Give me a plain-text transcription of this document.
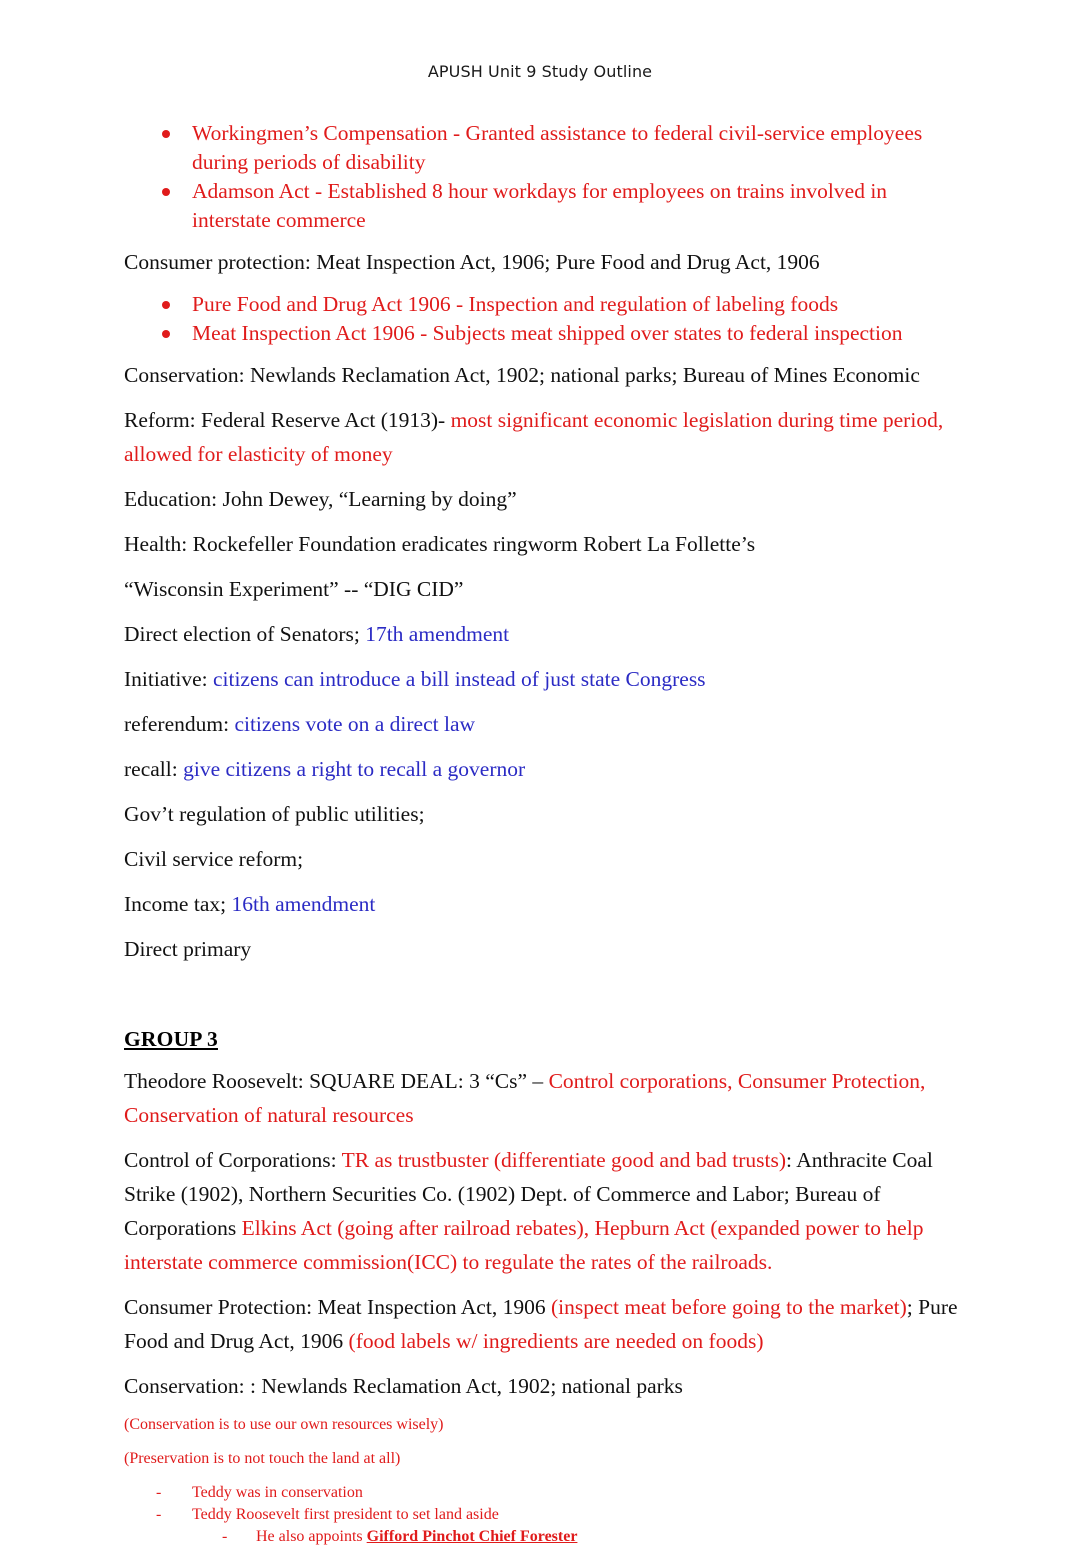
APUSH Unit 9 Study Outline
Workingmen’s Compensation - Granted assistance to federal civil-service employees during periods of disability
Adamson Act - Established 8 hour workdays for employees on trains involved in interstate commerce

Consumer protection: Meat Inspection Act, 1906; Pure Food and Drug Act, 1906

Pure Food and Drug Act 1906 - Inspection and regulation of labeling foods
Meat Inspection Act 1906 - Subjects meat shipped over states to federal inspection

Conservation: Newlands Reclamation Act, 1902; national parks; Bureau of Mines Economic

Reform: Federal Reserve Act (1913)- most significant economic legislation during time period, allowed for elasticity of money

Education: John Dewey, “Learning by doing”

Health: Rockefeller Foundation eradicates ringworm Robert La Follette’s

“Wisconsin Experiment” -- “DIG CID”

Direct election of Senators; 17th amendment

Initiative: citizens can introduce a bill instead of just state Congress

referendum: citizens vote on a direct law

recall: give citizens a right to recall a governor

Gov’t regulation of public utilities;

Civil service reform;

Income tax; 16th amendment

Direct primary

GROUP 3

Theodore Roosevelt: SQUARE DEAL: 3 “Cs” – Control corporations, Consumer Protection, Conservation of natural resources

Control of Corporations: TR as trustbuster (differentiate good and bad trusts): Anthracite Coal Strike (1902), Northern Securities Co. (1902) Dept. of Commerce and Labor; Bureau of Corporations Elkins Act (going after railroad rebates), Hepburn Act (expanded power to help interstate commerce commission(ICC) to regulate the rates of the railroads.

Consumer Protection: Meat Inspection Act, 1906 (inspect meat before going to the market); Pure Food and Drug Act, 1906 (food labels w/ ingredients are needed on foods)

Conservation: : Newlands Reclamation Act, 1902; national parks

(Conservation is to use our own resources wisely)

(Preservation is to not touch the land at all)

- Teddy was in conservation
- Teddy Roosevelt first president to set land aside
- He also appoints Gifford Pinchot Chief Forester
